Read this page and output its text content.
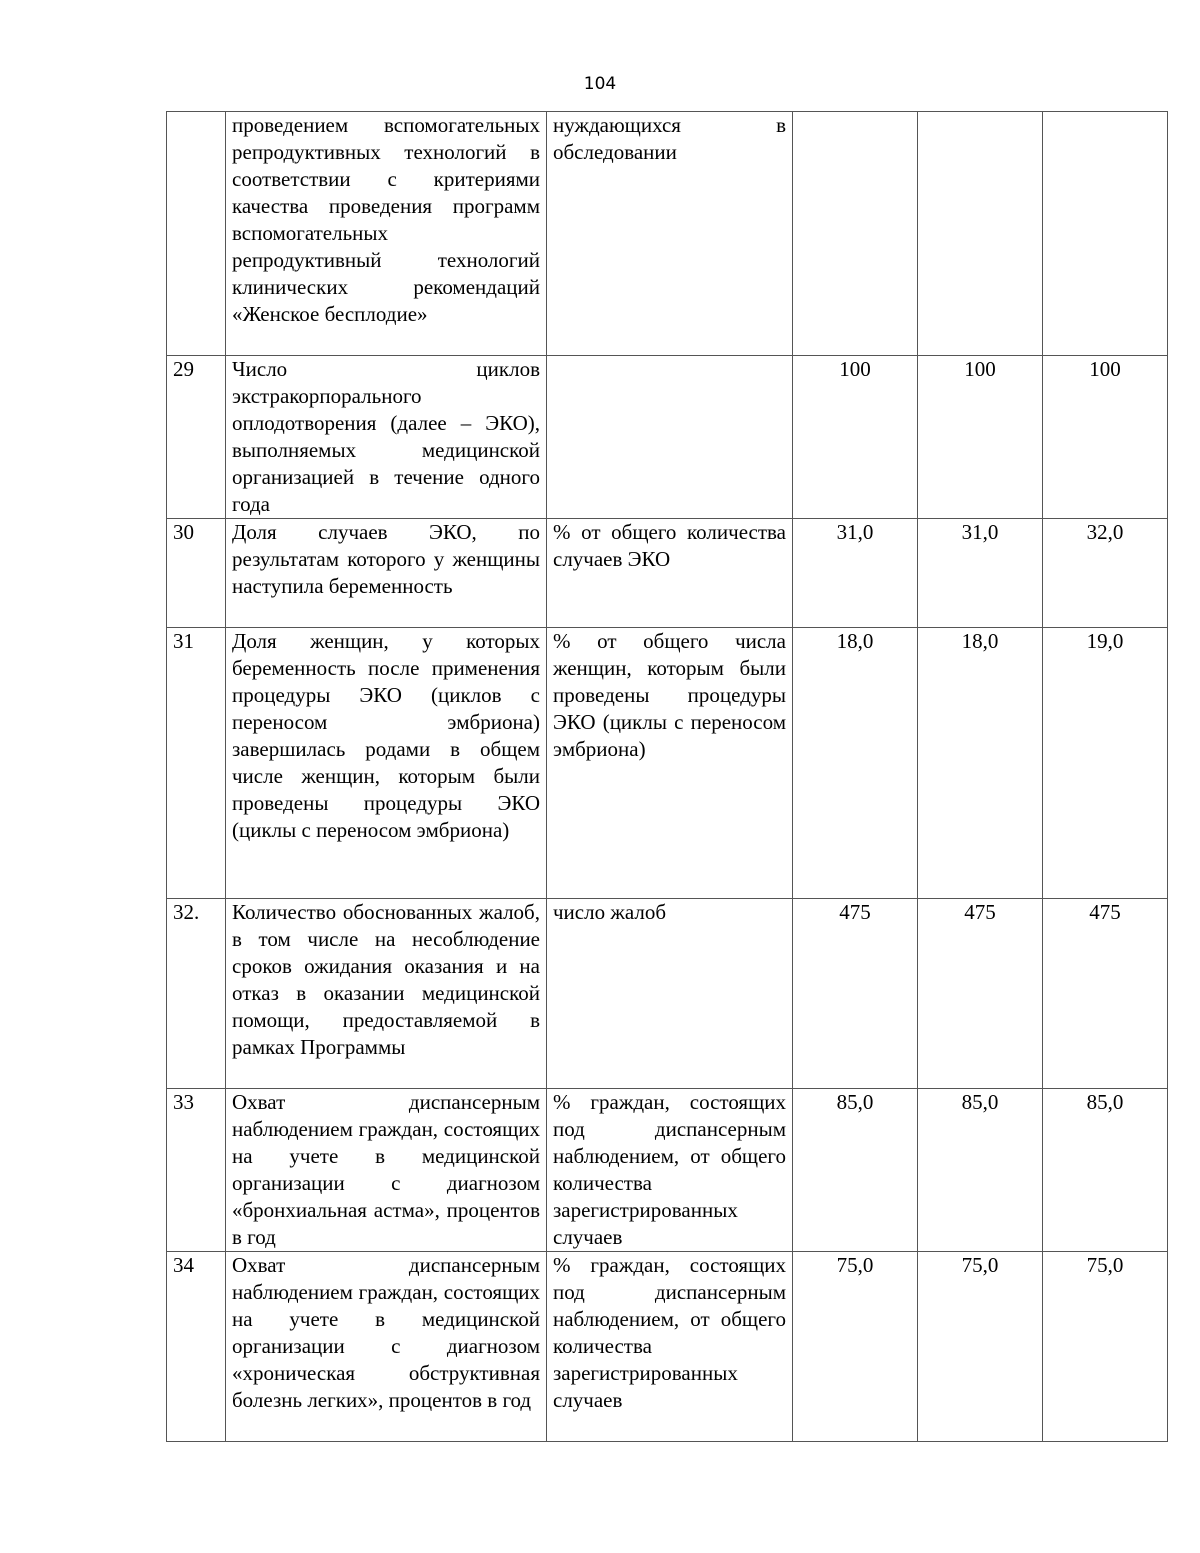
104
	проведением вспомогательных репродуктивных технологий в соответствии с критериями качества проведения программ вспомогательных репродуктивный технологий клинических рекомендаций «Женское бесплодие»	нуждающихся в обследовании			
29	Число циклов экстракорпорального оплодотворения (далее – ЭКО), выполняемых медицинской организацией в течение одного года		100	100	100
30	Доля случаев ЭКО, по результатам которого у женщины наступила беременность	% от общего количества случаев ЭКО	31,0	31,0	32,0
31	Доля женщин, у которых беременность после применения процедуры ЭКО (циклов с переносом эмбриона) завершилась родами в общем числе женщин, которым были проведены процедуры ЭКО (циклы с переносом эмбриона)	% от общего числа женщин, которым были проведены процедуры ЭКО (циклы с переносом эмбриона)	18,0	18,0	19,0
32.	Количество обоснованных жалоб, в том числе на несоблюдение сроков ожидания оказания и на отказ в оказании медицинской помощи, предоставляемой в рамках Программы	число жалоб	475	475	475
33	Охват диспансерным наблюдением граждан, состоящих на учете в медицинской организации с диагнозом «бронхиальная астма», процентов в год	% граждан, состоящих под диспансерным наблюдением, от общего количества зарегистрированных случаев	85,0	85,0	85,0
34	Охват диспансерным наблюдением граждан, состоящих на учете в медицинской организации с диагнозом «хроническая обструктивная болезнь легких», процентов в год	% граждан, состоящих под диспансерным наблюдением, от общего количества зарегистрированных случаев	75,0	75,0	75,0
